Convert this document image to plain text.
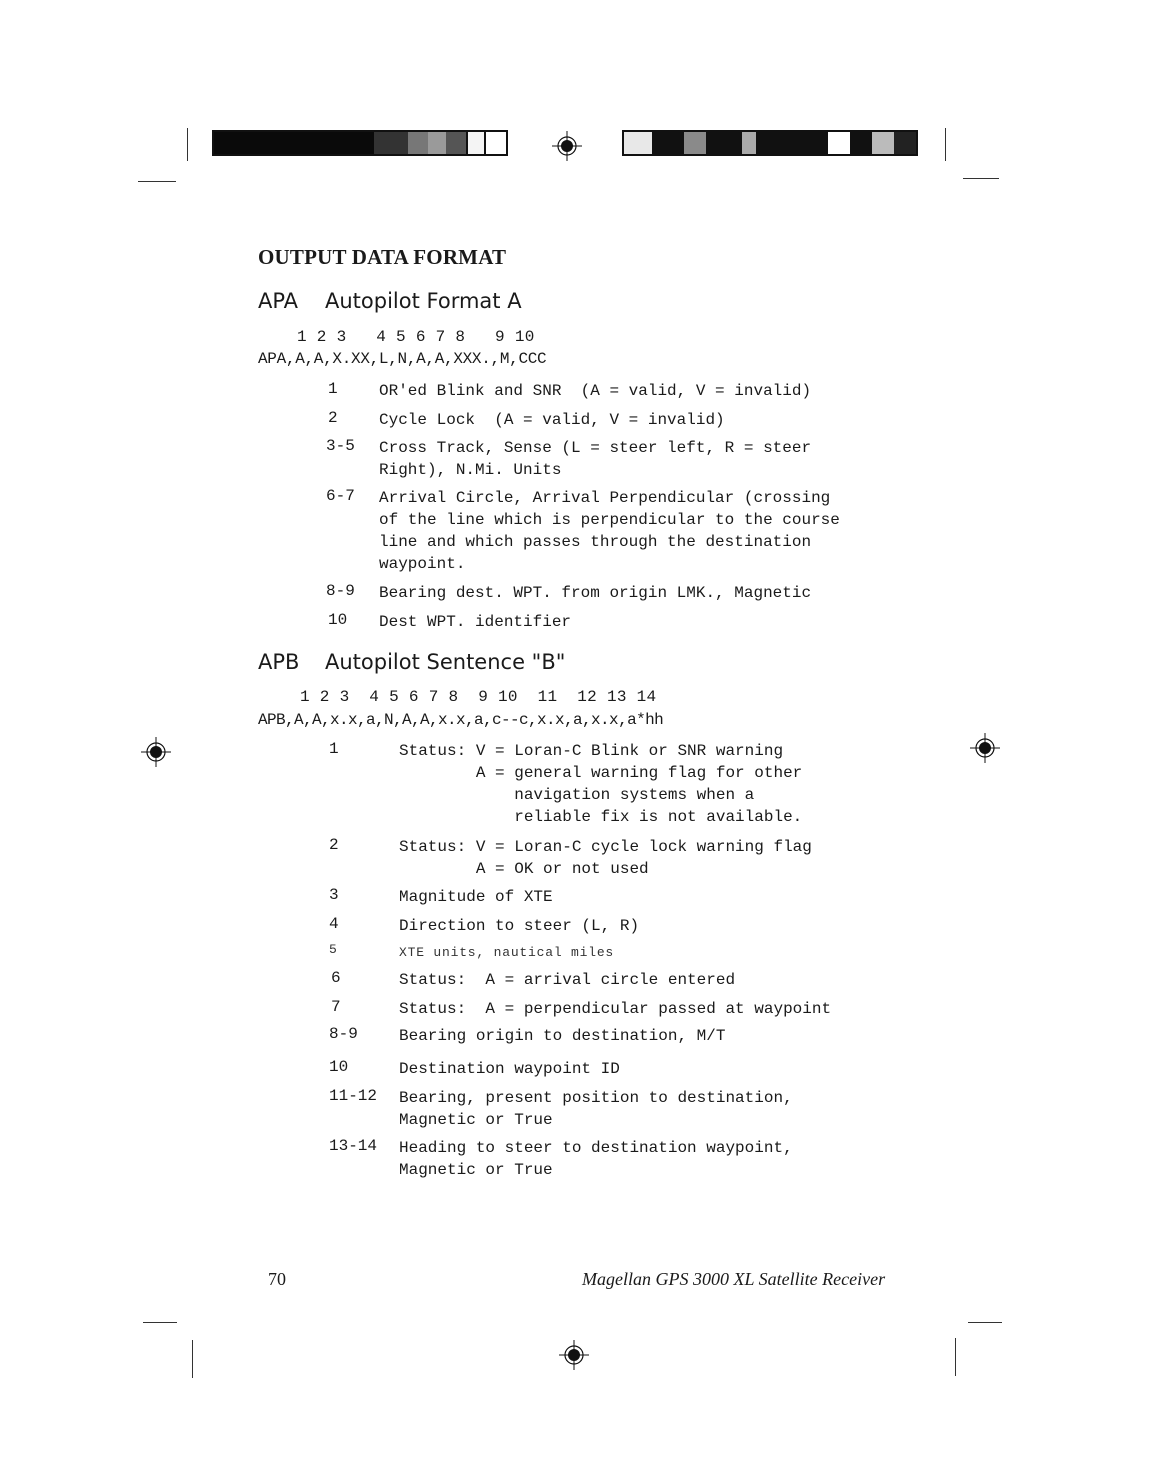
OUTPUT DATA FORMAT
APA Autopilot Format A
1 2 3   4 5 6 7 8   9 10
APA,A,A,X.XX,L,N,A,A,XXX.,M,CCC
1	OR'ed Blink and SNR  (A = valid, V = invalid)
2	Cycle Lock  (A = valid, V = invalid)
3-5 Cross Track, Sense (L = steer left, R = steer
Right), N.Mi. Units
6-7 Arrival Circle, Arrival Perpendicular (crossing
of the line which is perpendicular to the course
line and which passes through the destination
waypoint.
8-9 Bearing dest. WPT. from origin LMK., Magnetic
10 Dest WPT. identifier
APB Autopilot Sentence "B"
1 2 3  4 5 6 7 8  9 10  11  12 13 14
APB,A,A,x.x,a,N,A,A,x.x,a,c--c,x.x,a,x.x,a*hh
1	Status: V = Loran-C Blink or SNR warning
A = general warning flag for other
navigation systems when a
reliable fix is not available.
2	Status: V = Loran-C cycle lock warning flag
A = OK or not used
3	Magnitude of XTE
4	Direction to steer (L, R)
5	XTE units, nautical miles
6	Status:  A = arrival circle entered
7	Status:  A = perpendicular passed at waypoint
8-9	Bearing origin to destination, M/T
10	Destination waypoint ID
11-12 Bearing, present position to destination,
Magnetic or True
13-14 Heading to steer to destination waypoint,
Magnetic or True
70	Magellan GPS 3000 XL Satellite Receiver
